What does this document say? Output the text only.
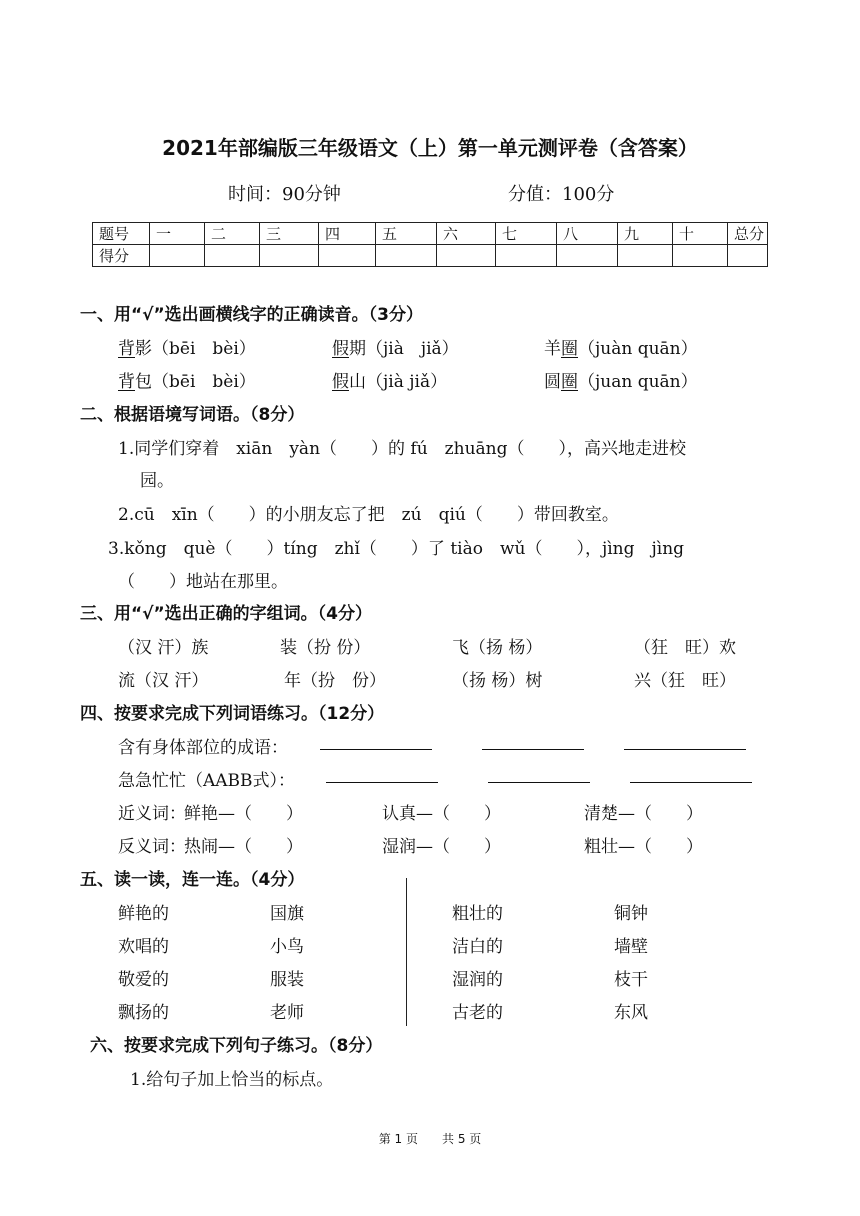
2021年部编版三年级语文（上）第一单元测评卷（含答案）
时间：90分钟	分值：100分
题号	一	二	三	四	五	六	七	八	九	十	总分
得分											
一、用“√”选出画横线字的正确读音。（3分）
背影（bēi　bèi）	假期（jià　jiǎ）	羊圈（juàn quān）
背包（bēi　bèi）	假山（jià jiǎ）	圆圈（juan quān）
二、根据语境写词语。（8分）
1.同学们穿着　xiān　yàn（　　）的 fú　zhuāng（　　），高兴地走进校
园。
2.cū　xīn（　　）的小朋友忘了把　zú　qiú（　　）带回教室。
3.kǒng　què（　　）tíng　zhǐ（　　）了 tiào　wǔ（　　），jìng　jìng
（　　）地站在那里。
三、用“√”选出正确的字组词。（4分）
（汉 汗）族	装（扮 份）	飞（扬 杨）	（狂　旺）欢
流（汉 汗）	年（扮　份）	（扬 杨）树	兴（狂　旺）
四、按要求完成下列词语练习。（12分）
含有身体部位的成语：
急急忙忙（AABB式）：
近义词：
鲜艳—（　　）	认真—（　　）	清楚—（　　）
反义词：
热闹—（　　）	湿润—（　　）	粗壮—（　　）
五、读一读，连一连。（4分）
鲜艳的
欢唱的
敬爱的
飘扬的
国旗
小鸟
服装
老师
粗壮的
洁白的
湿润的
古老的
铜钟
墙壁
枝干
东风
六、按要求完成下列句子练习。（8分）
1.给句子加上恰当的标点。
第 1 页 共 5 页
